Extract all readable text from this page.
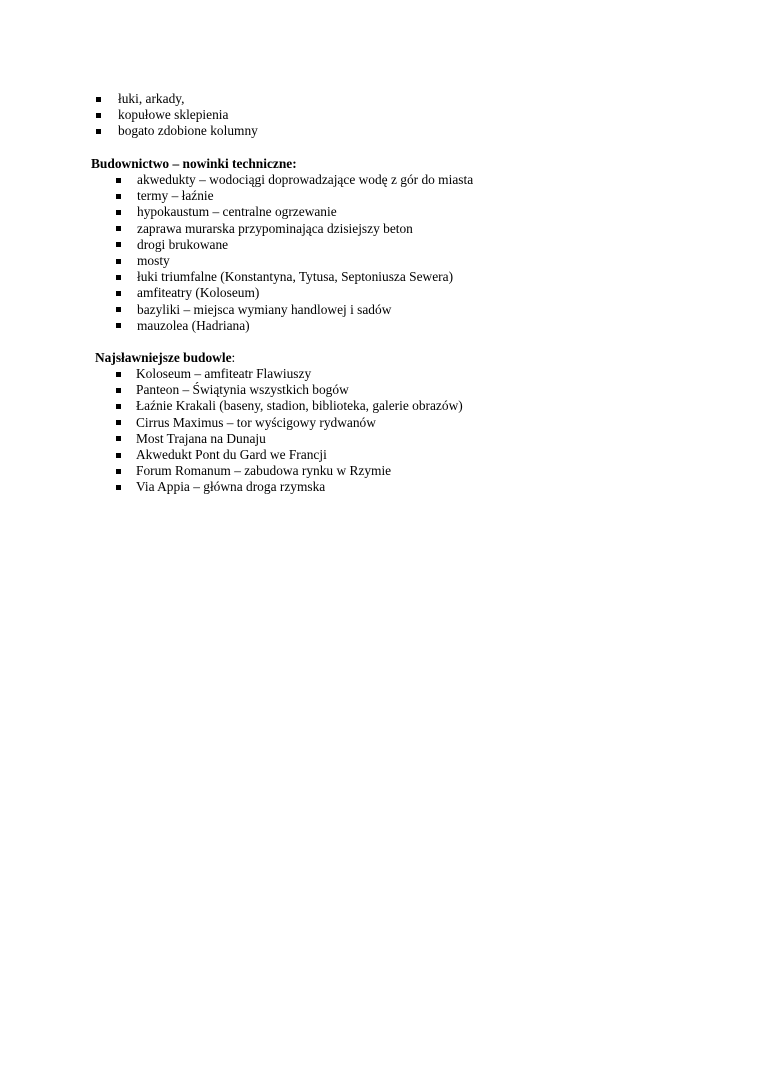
łuki, arkady,
kopułowe sklepienia
bogato zdobione kolumny
Budownictwo – nowinki techniczne:
akwedukty – wodociągi doprowadzające wodę z gór do miasta
termy – łaźnie
hypokaustum – centralne ogrzewanie
zaprawa murarska przypominająca dzisiejszy beton
drogi brukowane
mosty
łuki triumfalne (Konstantyna, Tytusa, Septoniusza Sewera)
amfiteatry (Koloseum)
bazyliki – miejsca wymiany handlowej i sadów
mauzolea (Hadriana)
Najsławniejsze budowle:
Koloseum – amfiteatr Flawiuszy
Panteon – Świątynia wszystkich bogów
Łaźnie Krakali (baseny, stadion, biblioteka, galerie obrazów)
Cirrus Maximus – tor wyścigowy rydwanów
Most Trajana na Dunaju
Akwedukt Pont du Gard we Francji
Forum Romanum – zabudowa rynku w Rzymie
Via Appia – główna droga rzymska
